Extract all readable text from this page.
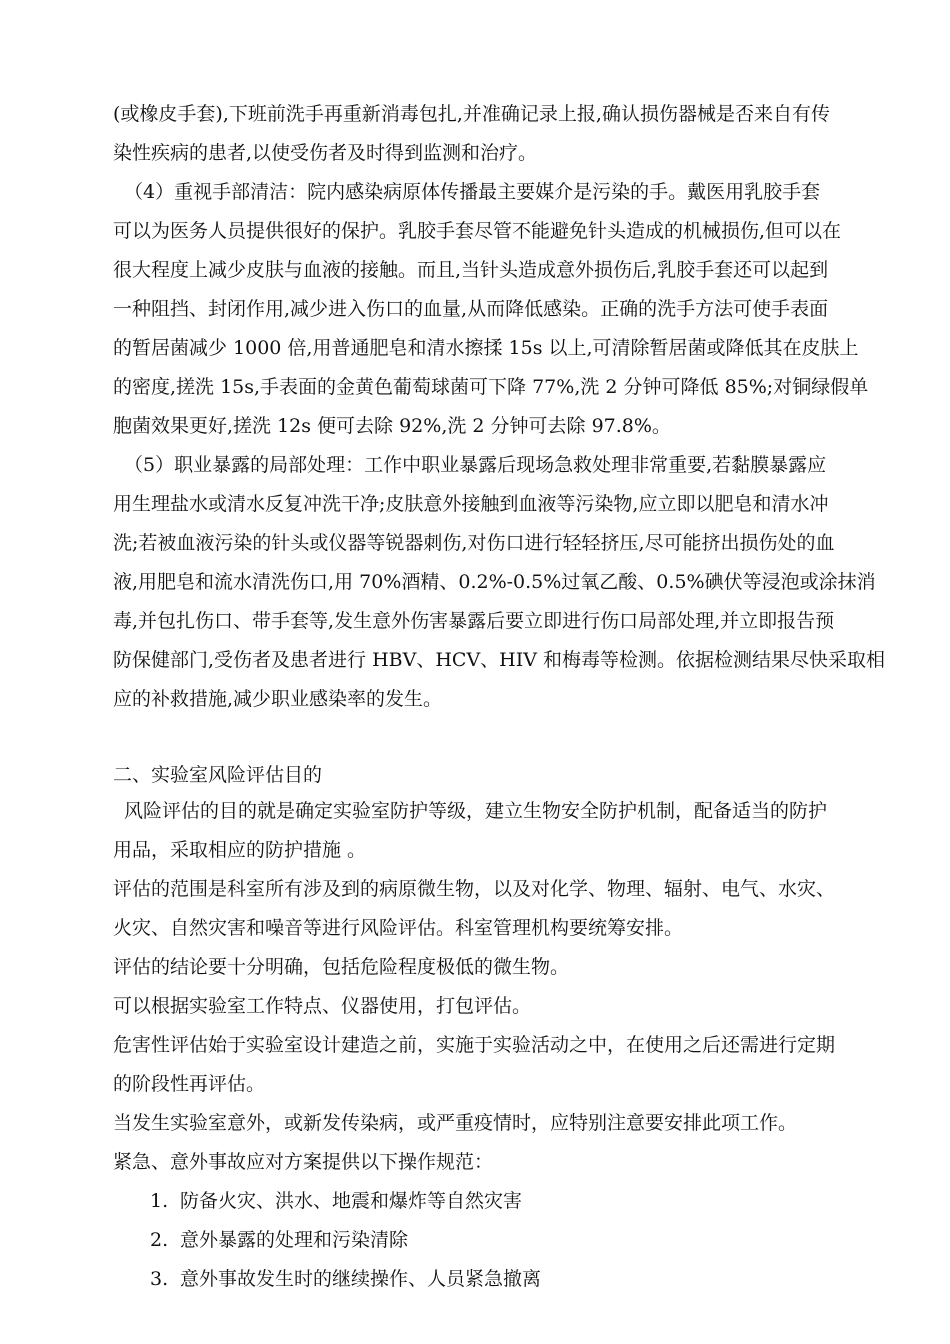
(或橡皮手套),下班前洗手再重新消毒包扎,并准确记录上报,确认损伤器械是否来自有传
染性疾病的患者,以使受伤者及时得到监测和治疗。
（4）重视手部清洁：院内感染病原体传播最主要媒介是污染的手。戴医用乳胶手套
可以为医务人员提供很好的保护。乳胶手套尽管不能避免针头造成的机械损伤,但可以在
很大程度上减少皮肤与血液的接触。而且,当针头造成意外损伤后,乳胶手套还可以起到
一种阻挡、封闭作用,减少进入伤口的血量,从而降低感染。正确的洗手方法可使手表面
的暂居菌减少 1000 倍,用普通肥皂和清水擦揉 15s 以上,可清除暂居菌或降低其在皮肤上
的密度,搓洗 15s,手表面的金黄色葡萄球菌可下降 77%,洗 2 分钟可降低 85%;对铜绿假单
胞菌效果更好,搓洗 12s 便可去除 92%,洗 2 分钟可去除 97.8%。
（5）职业暴露的局部处理：工作中职业暴露后现场急救处理非常重要,若黏膜暴露应
用生理盐水或清水反复冲洗干净;皮肤意外接触到血液等污染物,应立即以肥皂和清水冲
洗;若被血液污染的针头或仪器等锐器刺伤,对伤口进行轻轻挤压,尽可能挤出损伤处的血
液,用肥皂和流水清洗伤口,用 70%酒精、0.2%-0.5%过氧乙酸、0.5%碘伏等浸泡或涂抹消
毒,并包扎伤口、带手套等,发生意外伤害暴露后要立即进行伤口局部处理,并立即报告预
防保健部门,受伤者及患者进行 HBV、HCV、HIV 和梅毒等检测。依据检测结果尽快采取相
应的补救措施,减少职业感染率的发生。
二、实验室风险评估目的
风险评估的目的就是确定实验室防护等级，建立生物安全防护机制，配备适当的防护
用品，采取相应的防护措施 。
评估的范围是科室所有涉及到的病原微生物，以及对化学、物理、辐射、电气、水灾、
火灾、自然灾害和噪音等进行风险评估。科室管理机构要统筹安排。
评估的结论要十分明确，包括危险程度极低的微生物。
可以根据实验室工作特点、仪器使用，打包评估。
危害性评估始于实验室设计建造之前，实施于实验活动之中，在使用之后还需进行定期
的阶段性再评估。
当发生实验室意外，或新发传染病，或严重疫情时，应特别注意要安排此项工作。
紧急、意外事故应对方案提供以下操作规范：
1. 防备火灾、洪水、地震和爆炸等自然灾害
2. 意外暴露的处理和污染清除
3. 意外事故发生时的继续操作、人员紧急撤离
